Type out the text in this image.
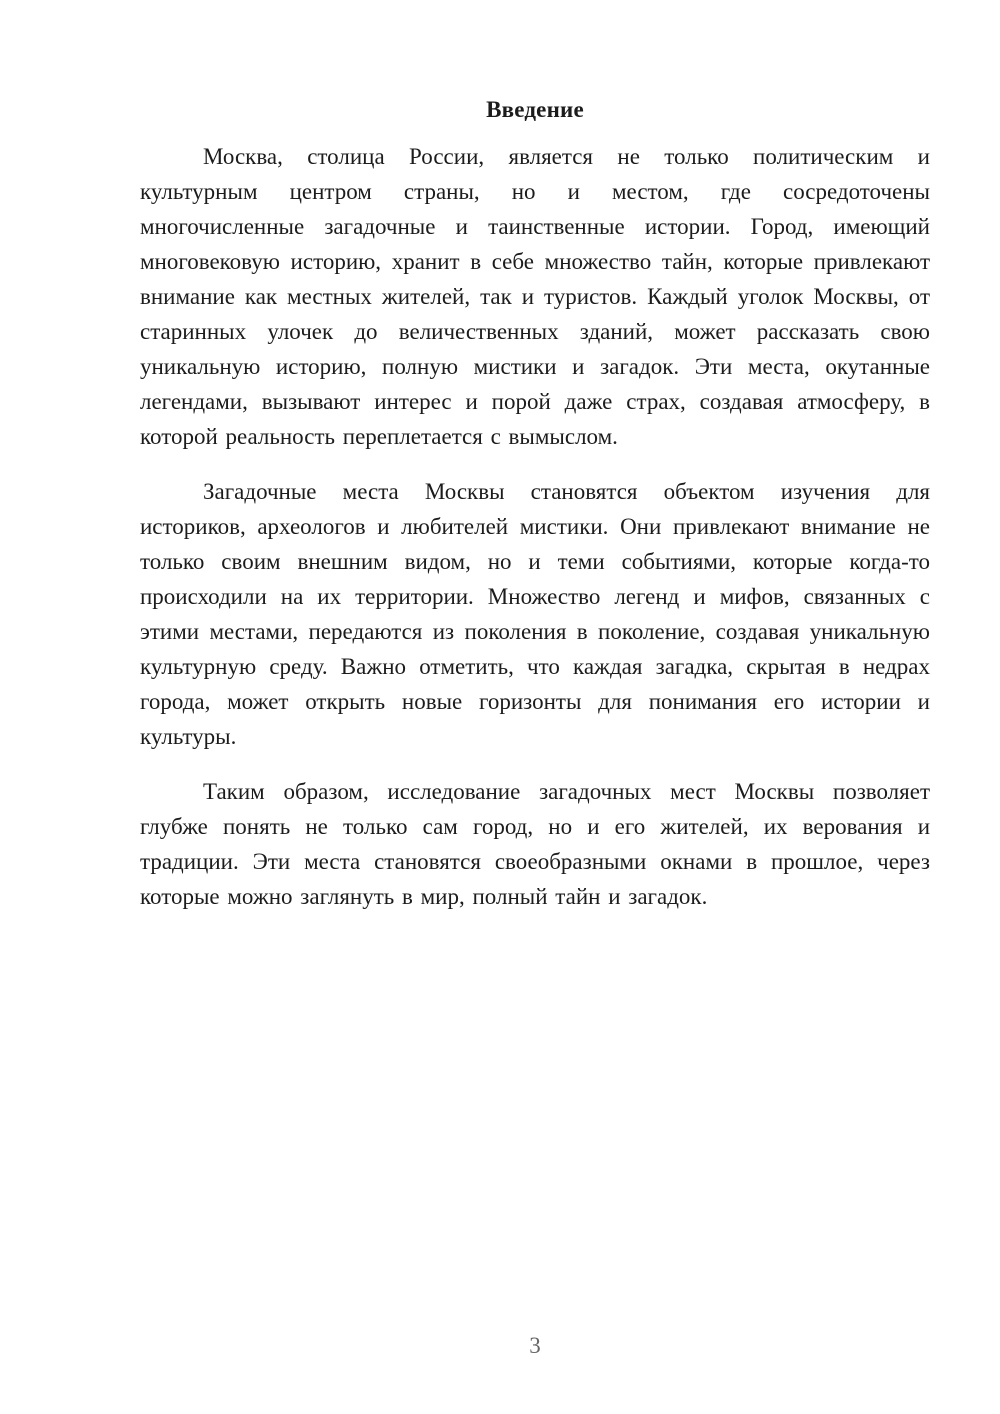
Введение

Москва, столица России, является не только политическим и культурным центром страны, но и местом, где сосредоточены многочисленные загадочные и таинственные истории. Город, имеющий многовековую историю, хранит в себе множество тайн, которые привлекают внимание как местных жителей, так и туристов. Каждый уголок Москвы, от старинных улочек до величественных зданий, может рассказать свою уникальную историю, полную мистики и загадок. Эти места, окутанные легендами, вызывают интерес и порой даже страх, создавая атмосферу, в которой реальность переплетается с вымыслом.

Загадочные места Москвы становятся объектом изучения для историков, археологов и любителей мистики. Они привлекают внимание не только своим внешним видом, но и теми событиями, которые когда-то происходили на их территории. Множество легенд и мифов, связанных с этими местами, передаются из поколения в поколение, создавая уникальную культурную среду. Важно отметить, что каждая загадка, скрытая в недрах города, может открыть новые горизонты для понимания его истории и культуры.

Таким образом, исследование загадочных мест Москвы позволяет глубже понять не только сам город, но и его жителей, их верования и традиции. Эти места становятся своеобразными окнами в прошлое, через которые можно заглянуть в мир, полный тайн и загадок.

3
